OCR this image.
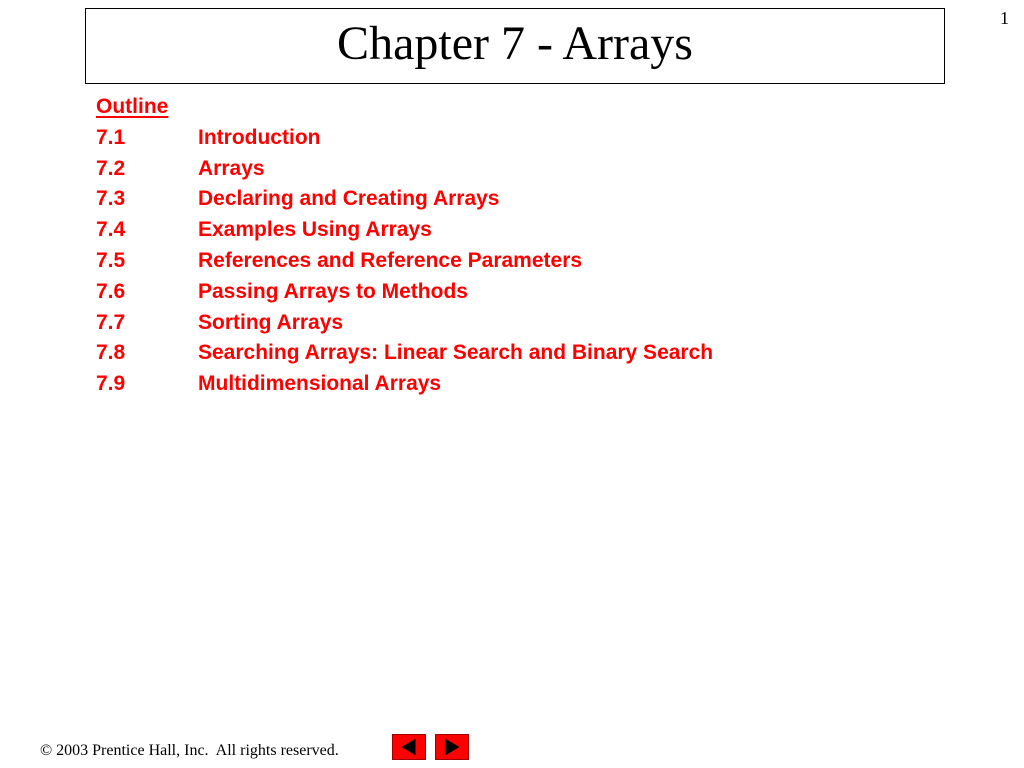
1
Chapter 7 - Arrays
Outline
7.1	Introduction
7.2	Arrays
7.3	Declaring and Creating Arrays
7.4	Examples Using Arrays
7.5	References and Reference Parameters
7.6	Passing Arrays to Methods
7.7	Sorting Arrays
7.8	Searching Arrays: Linear Search and Binary Search
7.9	Multidimensional Arrays
© 2003 Prentice Hall, Inc.  All rights reserved.
